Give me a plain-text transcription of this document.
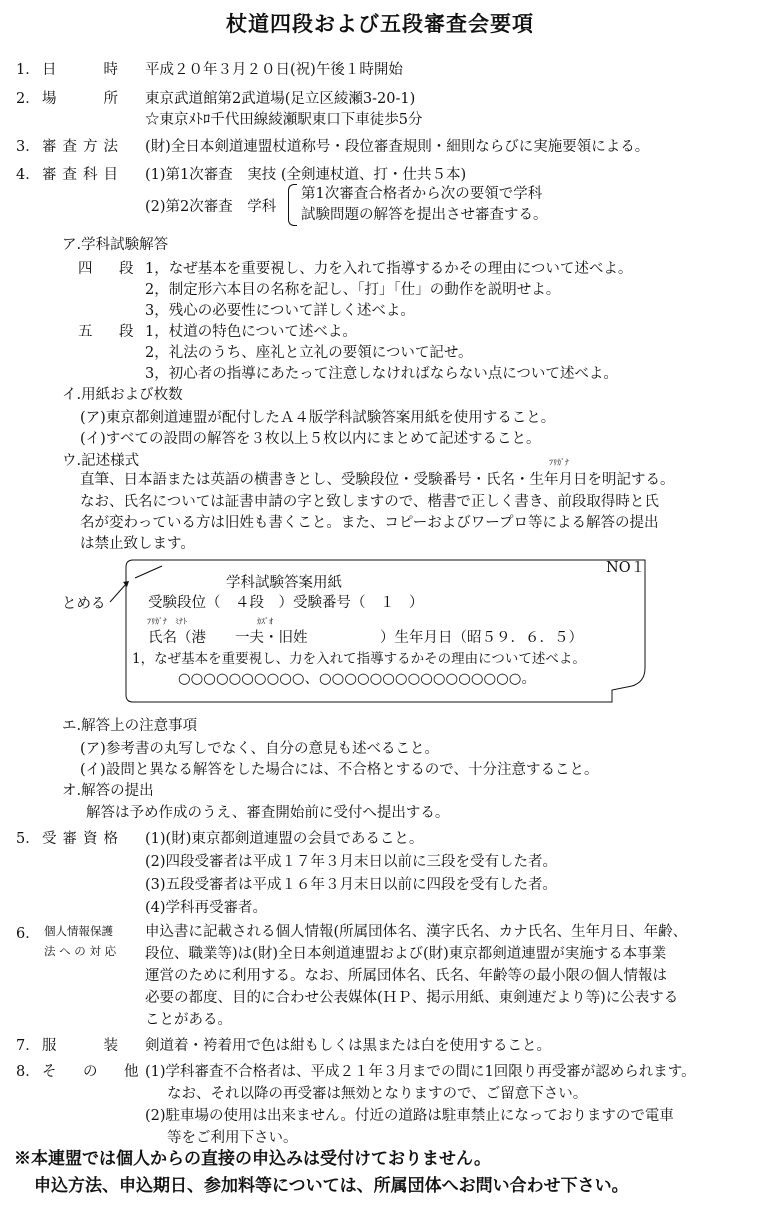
杖道四段および五段審査会要項
1． 日　　時 平成２０年３月２０日(祝)午後１時開始
2． 場　　所 東京武道館第2武道場(足立区綾瀬3-20-1)
☆東京ﾒﾄﾛ千代田線綾瀬駅東口下車徒歩5分
3． 審査方法 (財)全日本剣道連盟杖道称号・段位審査規則・細則ならびに実施要領による。
4． 審査科目 (1)第1次審査　実技 (全剣連杖道、打・仕共５本)
(2)第2次審査　学科
第1次審査合格者から次の要領で学科
試験問題の解答を提出させ審査する。
ア.学科試験解答
四　段 1，なぜ基本を重要視し、力を入れて指導するかその理由について述べよ。
2，制定形六本目の名称を記し、「打」「仕」の動作を説明せよ。
3，残心の必要性について詳しく述べよ。
五　段 1，杖道の特色について述べよ。
2，礼法のうち、座礼と立礼の要領について記せ。
3，初心者の指導にあたって注意しなければならない点について述べよ。
イ.用紙および枚数
(ア)東京都剣道連盟が配付したＡ４版学科試験答案用紙を使用すること。
(イ)すべての設問の解答を３枚以上５枚以内にまとめて記述すること。
ウ.記述様式	ﾌﾘｶﾞﾅ
直筆、日本語または英語の横書きとし、受験段位・受験番号・氏名・生年月日を明記する。
なお、氏名については証書申請の字と致しますので、楷書で正しく書き、前段取得時と氏
名が変わっている方は旧姓も書くこと。また、コピーおよびワープロ等による解答の提出
は禁止致します。
とめる
NO１
学科試験答案用紙
受験段位（　４段　）受験番号（　１　）
ﾌﾘｶﾞﾅ　ﾐﾅﾄ	ｶｽﾞｵ
氏名（港　　一夫・旧姓　　　　　）生年月日（昭５９．６．５）
1，なぜ基本を重要視し、力を入れて指導するかその理由について述べよ。
○○○○○○○○○○、○○○○○○○○○○○○○○○○。
エ.解答上の注意事項
(ア)参考書の丸写しでなく、自分の意見も述べること。
(イ)設問と異なる解答をした場合には、不合格とするので、十分注意すること。
オ.解答の提出
解答は予め作成のうえ、審査開始前に受付へ提出する。
5． 受審資格 (1)(財)東京都剣道連盟の会員であること。
(2)四段受審者は平成１７年３月末日以前に三段を受有した者。
(3)五段受審者は平成１６年３月末日以前に四段を受有した者。
(4)学科再受審者。
6． 個人情報保護
法 へ の 対 応
申込書に記載される個人情報(所属団体名、漢字氏名、カナ氏名、生年月日、年齢、
段位、職業等)は(財)全日本剣道連盟および(財)東京都剣道連盟が実施する本事業
運営のために利用する。なお、所属団体名、氏名、年齢等の最小限の個人情報は
必要の都度、目的に合わせ公表媒体(ＨＰ、掲示用紙、東剣連だより等)に公表する
ことがある。
7． 服　　装 剣道着・袴着用で色は紺もしくは黒または白を使用すること。
8． そ　の　他 (1)学科審査不合格者は、平成２１年３月までの間に1回限り再受審が認められます。
なお、それ以降の再受審は無効となりますので、ご留意下さい。
(2)駐車場の使用は出来ません。付近の道路は駐車禁止になっておりますので電車
等をご利用下さい。
※本連盟では個人からの直接の申込みは受付けておりません。
申込方法、申込期日、参加料等については、所属団体へお問い合わせ下さい。
